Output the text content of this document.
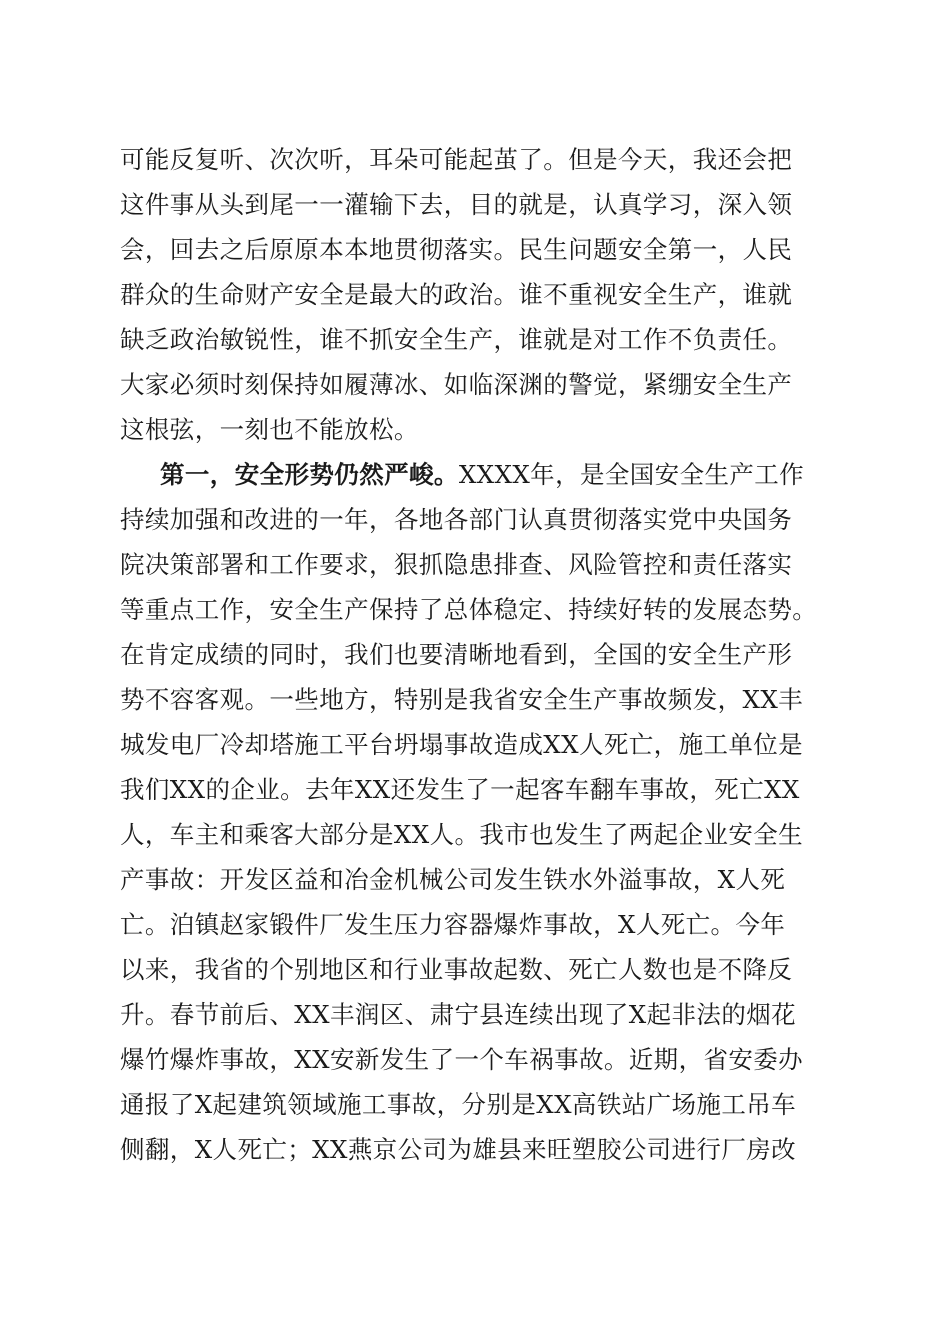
可能反复听、次次听，耳朵可能起茧了。但是今天，我还会把
这件事从头到尾一一灌输下去，目的就是，认真学习，深入领
会，回去之后原原本本地贯彻落实。民生问题安全第一，人民
群众的生命财产安全是最大的政治。谁不重视安全生产，谁就
缺乏政治敏锐性，谁不抓安全生产，谁就是对工作不负责任。
大家必须时刻保持如履薄冰、如临深渊的警觉，紧绷安全生产
这根弦，一刻也不能放松。
第一，安全形势仍然严峻。XXXX年，是全国安全生产工作
持续加强和改进的一年，各地各部门认真贯彻落实党中央国务
院决策部署和工作要求，狠抓隐患排查、风险管控和责任落实
等重点工作，安全生产保持了总体稳定、持续好转的发展态势。
在肯定成绩的同时，我们也要清晰地看到，全国的安全生产形
势不容客观。一些地方，特别是我省安全生产事故频发，XX丰
城发电厂冷却塔施工平台坍塌事故造成XX人死亡，施工单位是
我们XX的企业。去年XX还发生了一起客车翻车事故，死亡XX
人，车主和乘客大部分是XX人。我市也发生了两起企业安全生
产事故：开发区益和冶金机械公司发生铁水外溢事故，X人死
亡。泊镇赵家锻件厂发生压力容器爆炸事故，X人死亡。今年
以来，我省的个别地区和行业事故起数、死亡人数也是不降反
升。春节前后、XX丰润区、肃宁县连续出现了X起非法的烟花
爆竹爆炸事故，XX安新发生了一个车祸事故。近期，省安委办
通报了X起建筑领域施工事故，分别是XX高铁站广场施工吊车
侧翻，X人死亡；XX燕京公司为雄县来旺塑胶公司进行厂房改
